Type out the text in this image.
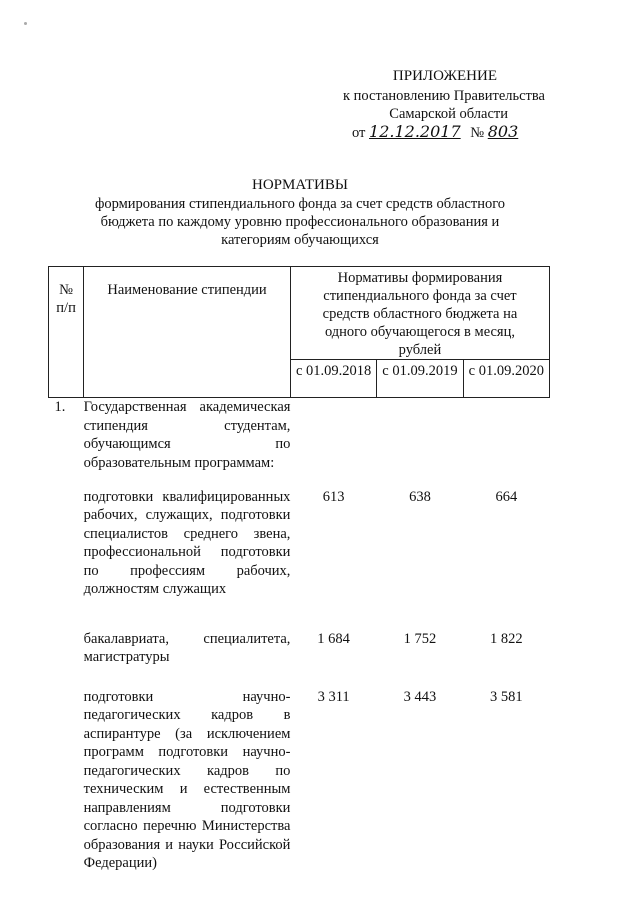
ПРИЛОЖЕНИЕ
к постановлению Правительства
Самарской области
от 12.12.2017 № 803
НОРМАТИВЫ
формирования стипендиального фонда за счет средств областного
бюджета по каждому уровню профессионального образования и
категориям обучающихся
№ п/п	Наименование стипендии	Нормативы формирования стипендиального фонда за счет средств областного бюджета на одного обучающегося в месяц, рублей		
		с 01.09.2018	с 01.09.2019	с 01.09.2020
1.	Государственная академическая стипендия студентам, обучающимся по образовательным программам:			
	подготовки квалифицированных рабочих, служащих, подготовки специалистов среднего звена, профессиональной подготовки по профессиям рабочих, должностям служащих	613	638	664
	бакалавриата, специалитета, магистратуры	1 684	1 752	1 822
	подготовки научно-педагогических кадров в аспирантуре (за исключением программ подготовки научно-педагогических кадров по техническим и естественным направлениям подготовки согласно перечню Министерства образования и науки Российской Федерации)	3 311	3 443	3 581
